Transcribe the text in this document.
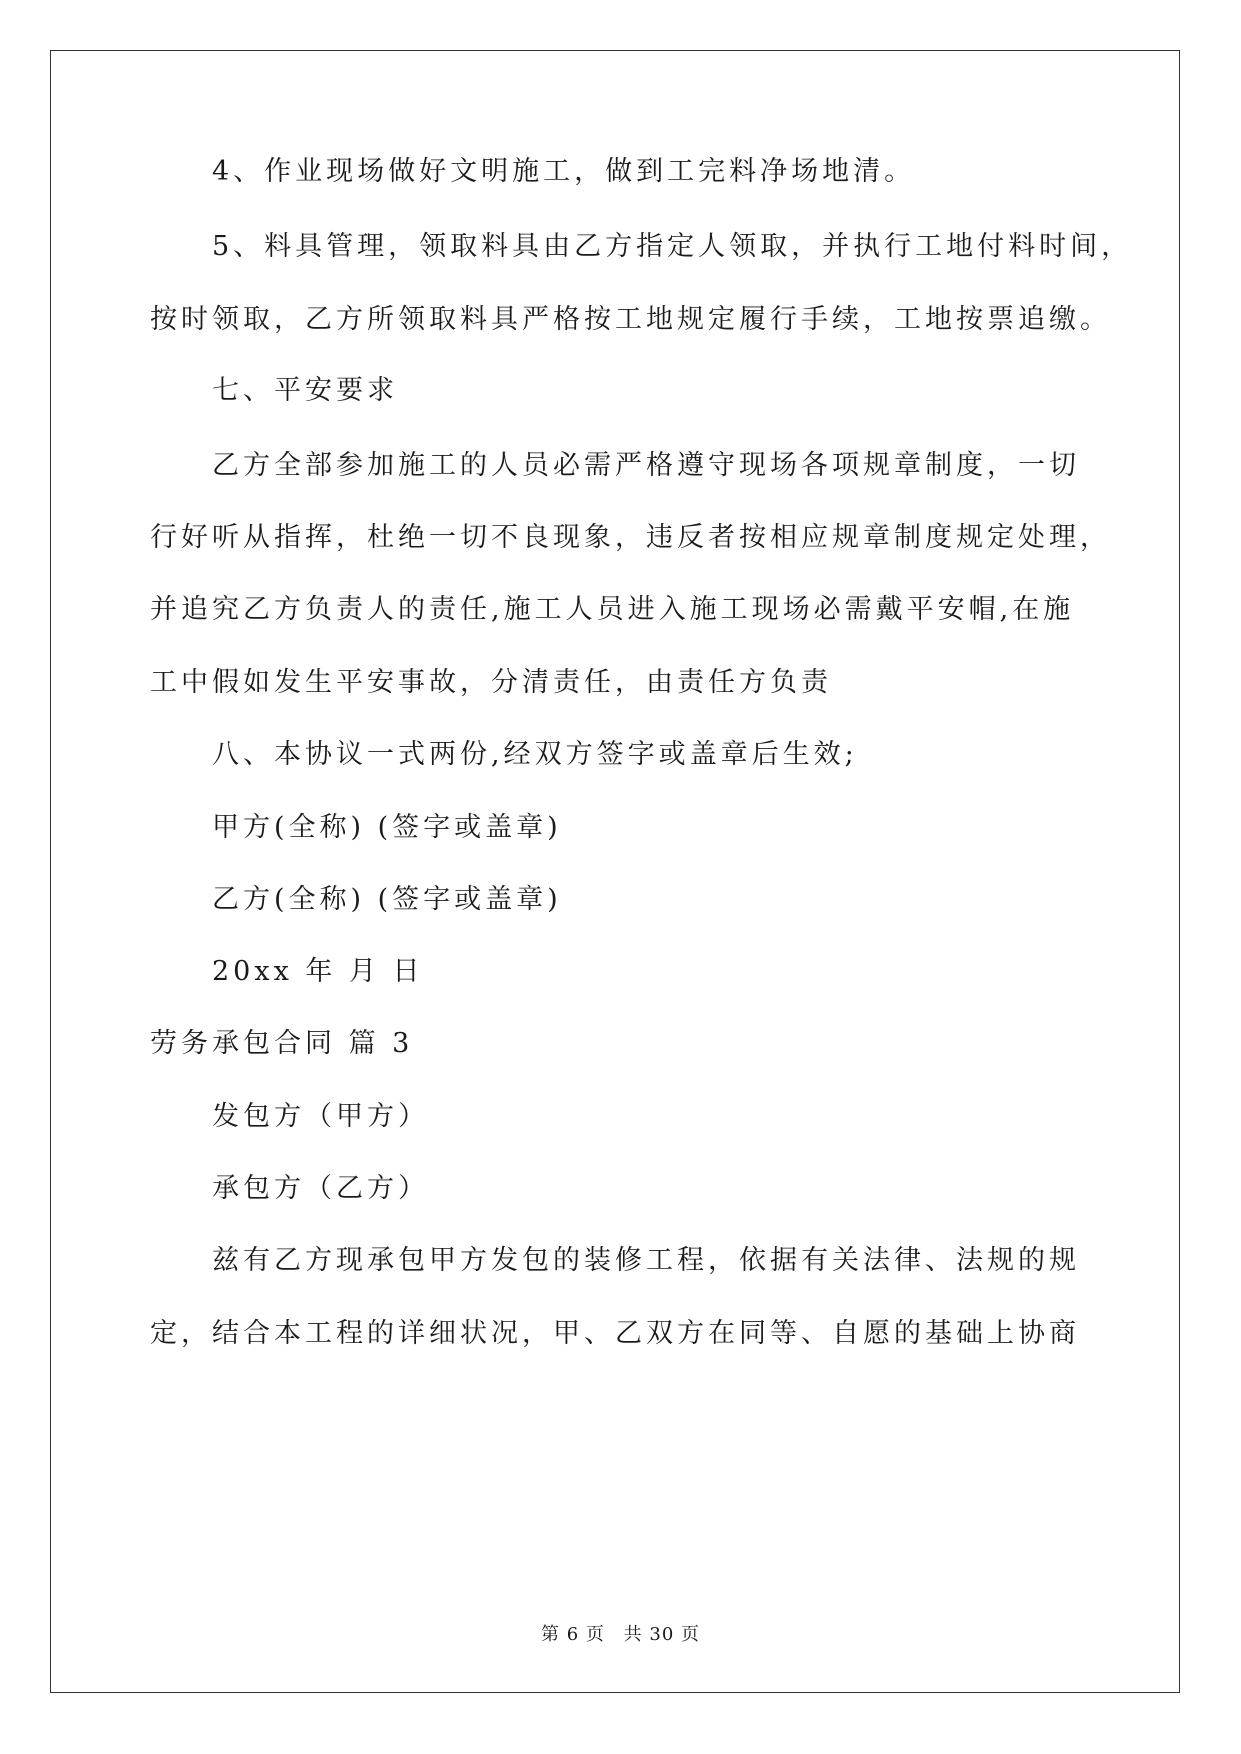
4、作业现场做好文明施工，做到工完料净场地清。
5、料具管理，领取料具由乙方指定人领取，并执行工地付料时间，
按时领取，乙方所领取料具严格按工地规定履行手续，工地按票追缴。
七、平安要求
乙方全部参加施工的人员必需严格遵守现场各项规章制度，一切
行好听从指挥，杜绝一切不良现象，违反者按相应规章制度规定处理，
并追究乙方负责人的责任,施工人员进入施工现场必需戴平安帽,在施
工中假如发生平安事故，分清责任，由责任方负责
八、本协议一式两份,经双方签字或盖章后生效;
甲方(全称) (签字或盖章)
乙方(全称) (签字或盖章)
20xx 年 月 日
劳务承包合同 篇 3
发包方（甲方）
承包方（乙方）
兹有乙方现承包甲方发包的装修工程，依据有关法律、法规的规
定，结合本工程的详细状况，甲、乙双方在同等、自愿的基础上协商
第 6 页 共 30 页
